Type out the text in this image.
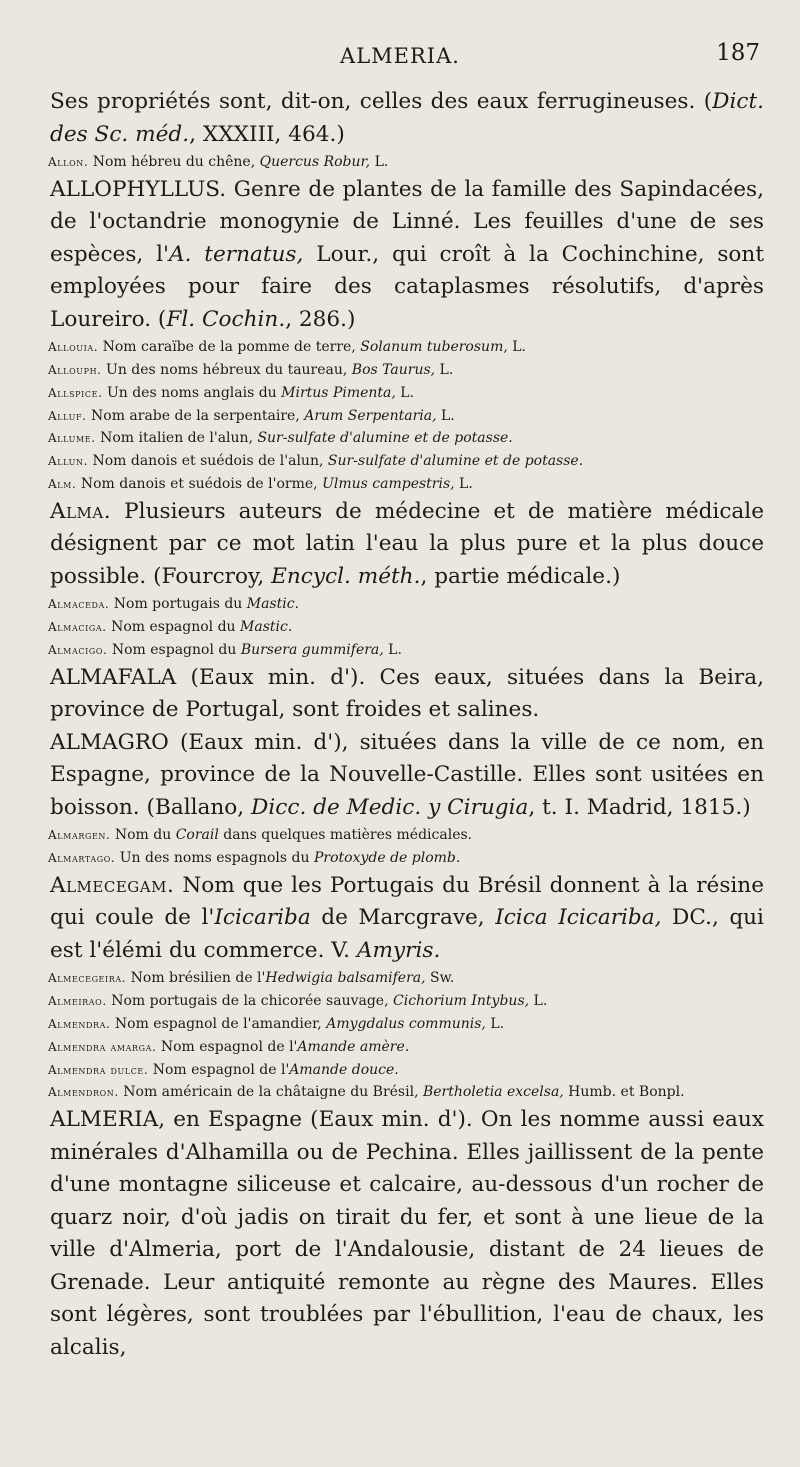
ALMERIA.	187

Ses propriétés sont, dit-on, celles des eaux ferrugineuses. (Dict. des Sc. méd., XXXIII, 464.)

Allon. Nom hébreu du chêne, Quercus Robur, L.

ALLOPHYLLUS. Genre de plantes de la famille des Sapindacées, de l'octandrie monogynie de Linné. Les feuilles d'une de ses espèces, l'A. ternatus, Lour., qui croît à la Cochinchine, sont employées pour faire des cataplasmes résolutifs, d'après Loureiro. (Fl. Cochin., 286.)

Allouia. Nom caraïbe de la pomme de terre, Solanum tuberosum, L.

Allouph. Un des noms hébreux du taureau, Bos Taurus, L.

Allspice. Un des noms anglais du Mirtus Pimenta, L.

Alluf. Nom arabe de la serpentaire, Arum Serpentaria, L.

Allume. Nom italien de l'alun, Sur-sulfate d'alumine et de potasse.

Allun. Nom danois et suédois de l'alun, Sur-sulfate d'alumine et de potasse.

Alm. Nom danois et suédois de l'orme, Ulmus campestris, L.

Alma. Plusieurs auteurs de médecine et de matière médicale désignent par ce mot latin l'eau la plus pure et la plus douce possible. (Fourcroy, Encycl. méth., partie médicale.)

Almaceda. Nom portugais du Mastic.

Almaciga. Nom espagnol du Mastic.

Almacigo. Nom espagnol du Bursera gummifera, L.

ALMAFALA (Eaux min. d'). Ces eaux, situées dans la Beira, province de Portugal, sont froides et salines.

ALMAGRO (Eaux min. d'), situées dans la ville de ce nom, en Espagne, province de la Nouvelle-Castille. Elles sont usitées en boisson. (Ballano, Dicc. de Medic. y Cirugia, t. I. Madrid, 1815.)

Almargen. Nom du Corail dans quelques matières médicales.

Almartago. Un des noms espagnols du Protoxyde de plomb.

Almecegam. Nom que les Portugais du Brésil donnent à la résine qui coule de l'Icicariba de Marcgrave, Icica Icicariba, DC., qui est l'élémi du commerce. V. Amyris.

Almecegeira. Nom brésilien de l'Hedwigia balsamifera, Sw.

Almeirao. Nom portugais de la chicorée sauvage, Cichorium Intybus, L.

Almendra. Nom espagnol de l'amandier, Amygdalus communis, L.

Almendra amarga. Nom espagnol de l'Amande amère.

Almendra dulce. Nom espagnol de l'Amande douce.

Almendron. Nom américain de la châtaigne du Brésil, Bertholetia excelsa, Humb. et Bonpl.

ALMERIA, en Espagne (Eaux min. d'). On les nomme aussi eaux minérales d'Alhamilla ou de Pechina. Elles jaillissent de la pente d'une montagne siliceuse et calcaire, au-dessous d'un rocher de quarz noir, d'où jadis on tirait du fer, et sont à une lieue de la ville d'Almeria, port de l'Andalousie, distant de 24 lieues de Grenade. Leur antiquité remonte au règne des Maures. Elles sont légères, sont troublées par l'ébullition, l'eau de chaux, les alcalis,
